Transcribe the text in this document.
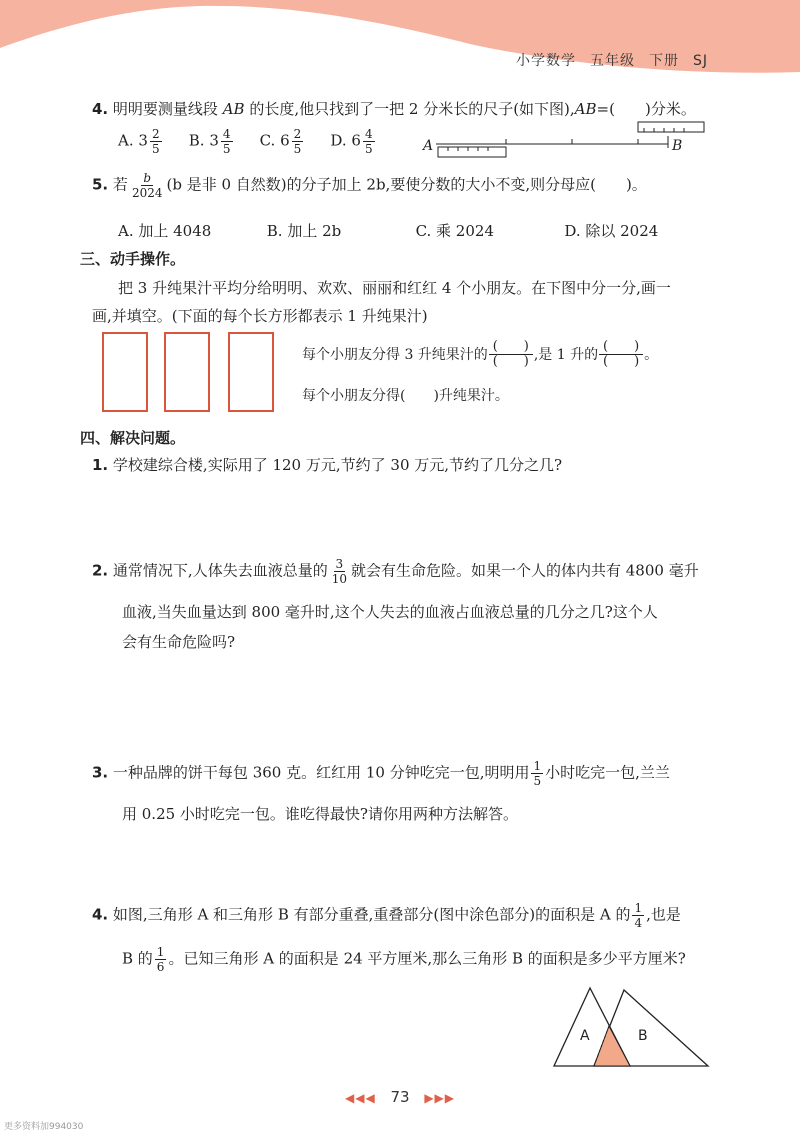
小学数学 五年级 下册 SJ
4. 明明要测量线段 AB 的长度,他只找到了一把 2 分米长的尺子(如下图),AB=(　　)分米。
A. $3 \frac{2}{5} B$. $3 \frac{4}{5} C$. $6 \frac{2}{5} D$. $6 \frac{4}{5}$	A	B
5. 若 $\frac{b}{2024} (b$ 是非 0 自然数)的分子加上 2b,要使分数的大小不变,则分母应(　　)。
A. 加上 4048	B. 加上 2b	C. 乘 2024	D. 除以 2024
三、动手操作。
把 3 升纯果汁平均分给明明、欢欢、丽丽和红红 4 个小朋友。在下图中分一分,画一
画,并填空。(下面的每个长方形都表示 1 升纯果汁)
每个小朋友分得 3 升纯果汁的 $\frac{( )}{( )}$ ,是 1 升的 $\frac{( )}{( )}$ 。
每个小朋友分得(　　)升纯果汁。
四、解决问题。
1. 学校建综合楼,实际用了 120 万元,节约了 30 万元,节约了几分之几?
2. 通常情况下,人体失去血液总量的 $\frac{3}{10}$ 就会有生命危险。如果一个人的体内共有 4800 毫升
血液,当失血量达到 800 毫升时,这个人失去的血液占血液总量的几分之几?这个人
会有生命危险吗?
3. 一种品牌的饼干每包 360 克。红红用 10 分钟吃完一包,明明用 $\frac{1}{5}$ 小时吃完一包,兰兰
用 0.25 小时吃完一包。谁吃得最快?请你用两种方法解答。
4. 如图,三角形 A 和三角形 B 有部分重叠,重叠部分(图中涂色部分)的面积是 A 的 $\frac{1}{4}$ ,也是
B 的 $\frac{1}{6}$ 。已知三角形 A 的面积是 24 平方厘米,那么三角形 B 的面积是多少平方厘米?
A	B
◀◀◀ 73 ▶▶▶
更多资料加994030
